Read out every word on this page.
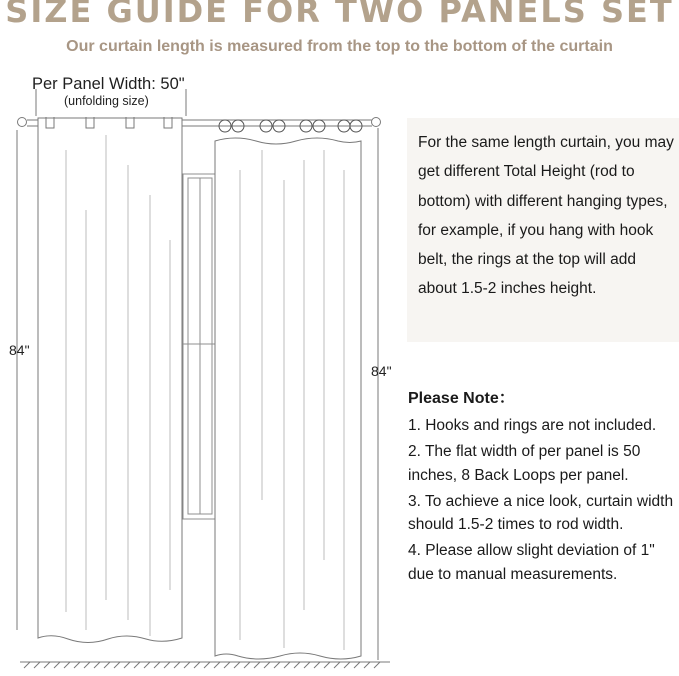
SIZE GUIDE FOR TWO PANELS SET
Our curtain length is measured from the top to the bottom of the curtain
Per Panel Width: 50"
(unfolding size)
84"
84"
For the same length curtain, you may get different Total Height (rod to bottom) with different hanging types, for example, if you hang with hook belt, the rings at the top will add about 1.5-2 inches height.
Please Note：

1. Hooks and rings are not included.

2. The flat width of per panel is 50 inches, 8 Back Loops per panel.

3. To achieve a nice look, curtain width should 1.5-2 times to rod width.

4. Please allow slight deviation of 1" due to manual measurements.
